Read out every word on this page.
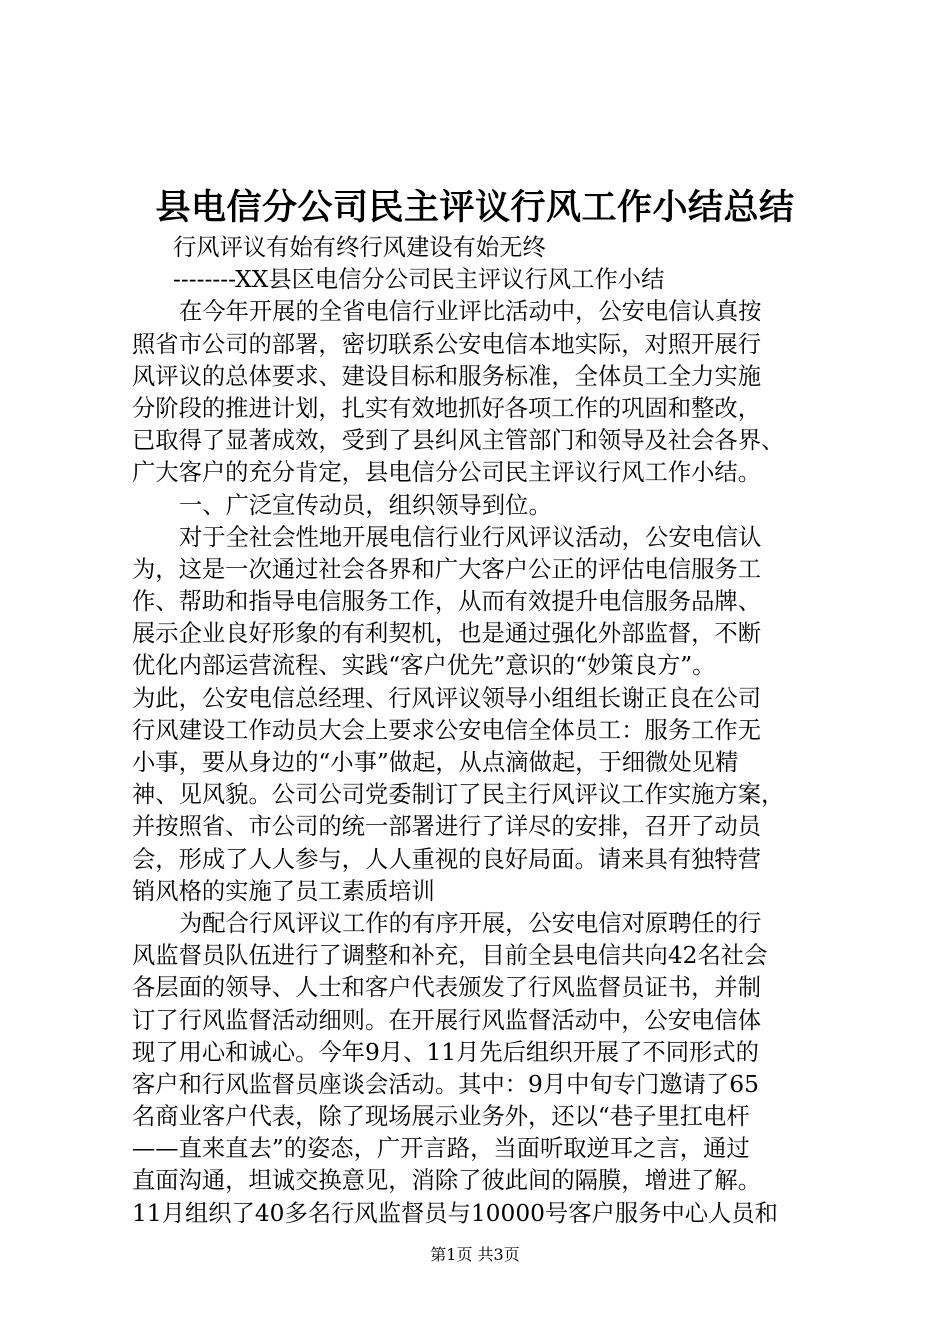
县电信分公司民主评议行风工作小结总结
行风评议有始有终行风建设有始无终
--------XX县区电信分公司民主评议行风工作小结
在今年开展的全省电信行业评比活动中，公安电信认真按
照省市公司的部署，密切联系公安电信本地实际，对照开展行
风评议的总体要求、建设目标和服务标准，全体员工全力实施
分阶段的推进计划，扎实有效地抓好各项工作的巩固和整改，
已取得了显著成效，受到了县纠风主管部门和领导及社会各界、
广大客户的充分肯定，县电信分公司民主评议行风工作小结。
一、广泛宣传动员，组织领导到位。
对于全社会性地开展电信行业行风评议活动，公安电信认
为，这是一次通过社会各界和广大客户公正的评估电信服务工
作、帮助和指导电信服务工作，从而有效提升电信服务品牌、
展示企业良好形象的有利契机，也是通过强化外部监督，不断
优化内部运营流程、实践“客户优先”意识的“妙策良方”。
为此，公安电信总经理、行风评议领导小组组长谢正良在公司
行风建设工作动员大会上要求公安电信全体员工：服务工作无
小事，要从身边的“小事”做起，从点滴做起，于细微处见精
神、见风貌。公司公司党委制订了民主行风评议工作实施方案，
并按照省、市公司的统一部署进行了详尽的安排，召开了动员
会，形成了人人参与，人人重视的良好局面。请来具有独特营
销风格的实施了员工素质培训
为配合行风评议工作的有序开展，公安电信对原聘任的行
风监督员队伍进行了调整和补充，目前全县电信共向42名社会
各层面的领导、人士和客户代表颁发了行风监督员证书，并制
订了行风监督活动细则。在开展行风监督活动中，公安电信体
现了用心和诚心。今年9月、11月先后组织开展了不同形式的
客户和行风监督员座谈会活动。其中：9月中旬专门邀请了65
名商业客户代表，除了现场展示业务外，还以“巷子里扛电杆
——直来直去”的姿态，广开言路，当面听取逆耳之言，通过
直面沟通，坦诚交换意见，消除了彼此间的隔膜，增进了解。
11月组织了40多名行风监督员与10000号客户服务中心人员和
第1页 共3页
